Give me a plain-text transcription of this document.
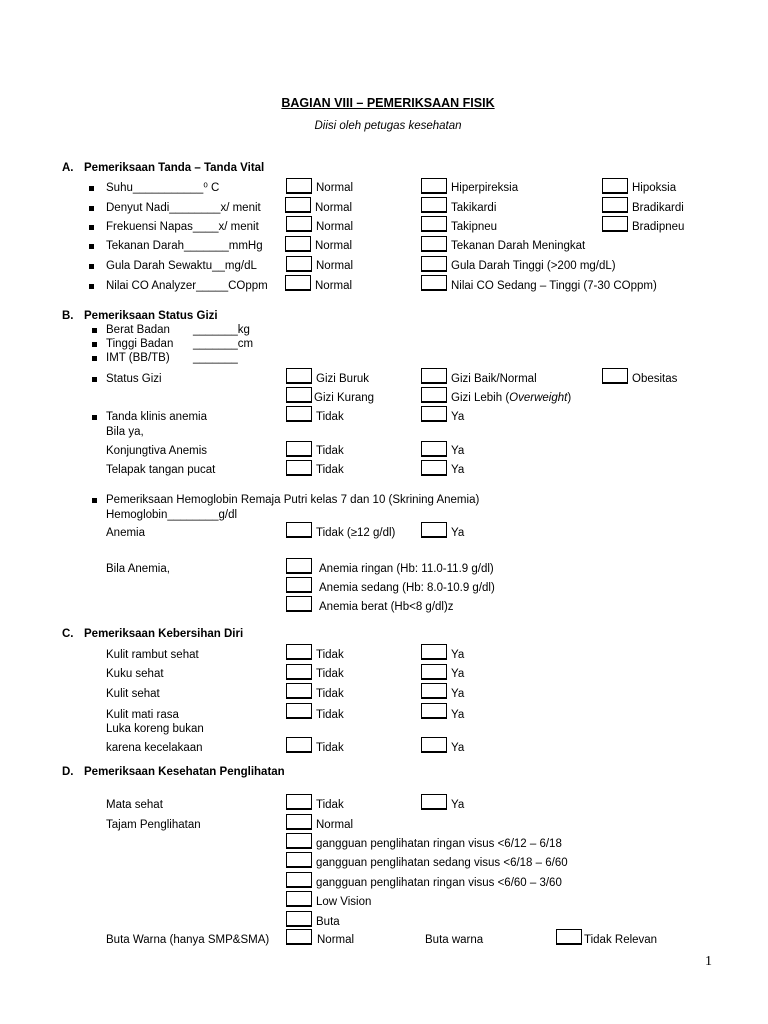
BAGIAN VIII – PEMERIKSAAN FISIK
Diisi oleh petugas kesehatan
A. Pemeriksaan Tanda – Tanda Vital
Suhu___________⁰ C	Normal	Hiperpireksia	Hipoksia
Denyut Nadi________x/ menit	Normal	Takikardi	Bradikardi
Frekuensi Napas____x/ menit	Normal	Takipneu	Bradipneu
Tekanan Darah_______mmHg	Normal	Tekanan Darah Meningkat
Gula Darah Sewaktu__mg/dL	Normal	Gula Darah Tinggi (>200 mg/dL)
Nilai CO Analyzer_____COppm	Normal	Nilai CO Sedang – Tinggi (7-30 COppm)
B. Pemeriksaan Status Gizi
Berat Badan _______kg
Tinggi Badan _______cm
IMT (BB/TB) _______
Status Gizi	Gizi Buruk	Gizi Baik/Normal	Obesitas
Gizi Kurang	Gizi Lebih (Overweight)
Tanda klinis anemia	Tidak	Ya
Bila ya,
Konjungtiva Anemis	Tidak	Ya
Telapak tangan pucat	Tidak	Ya
Pemeriksaan Hemoglobin Remaja Putri kelas 7 dan 10 (Skrining Anemia)
Hemoglobin________g/dl
Anemia	Tidak (≥12 g/dl)	Ya
Bila Anemia,	Anemia ringan (Hb: 11.0-11.9 g/dl)
Anemia sedang (Hb: 8.0-10.9 g/dl)
Anemia berat (Hb<8 g/dl)z
C. Pemeriksaan Kebersihan Diri
Kulit rambut sehat	Tidak	Ya
Kuku sehat	Tidak	Ya
Kulit sehat	Tidak	Ya
Kulit mati rasa	Tidak	Ya
Luka koreng bukan
karena kecelakaan	Tidak	Ya
D. Pemeriksaan Kesehatan Penglihatan
Mata sehat	Tidak	Ya
Tajam Penglihatan	Normal
gangguan penglihatan ringan visus <6/12 – 6/18
gangguan penglihatan sedang visus <6/18 – 6/60
gangguan penglihatan ringan visus <6/60 – 3/60
Low Vision
Buta
Buta Warna (hanya SMP&SMA)	Normal	Buta warna	Tidak Relevan
1
